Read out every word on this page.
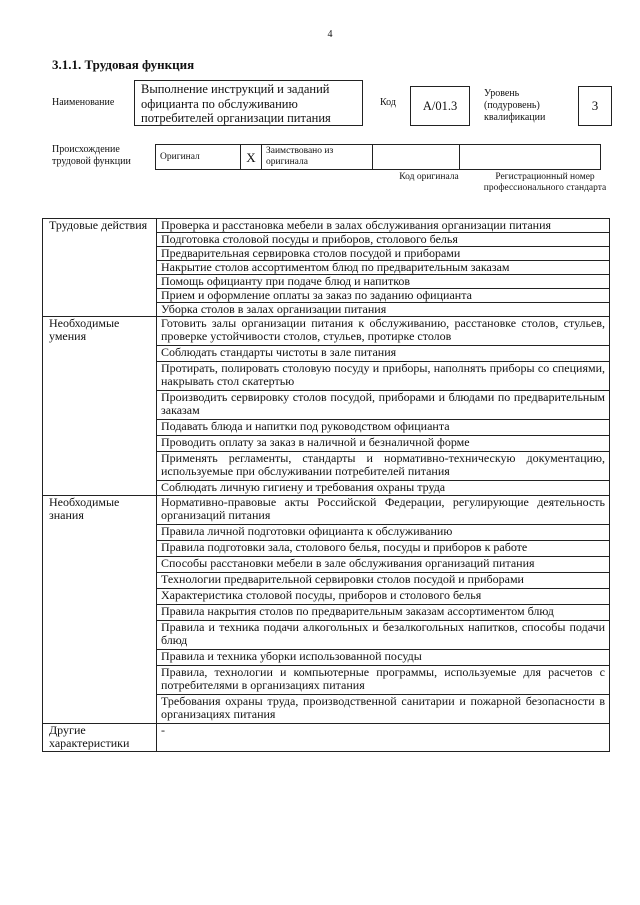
4
3.1.1. Трудовая функция
Наименование
Выполнение инструкций и заданий официанта по обслуживанию потребителей организации питания
Код	A/01.3
Уровень (подуровень) квалификации
3
Происхождение трудовой функции	Оригинал	X	Заимствовано из оригинала		
Код оригинала	Регистрационный номер профессионального стандарта
Трудовые действия	Проверка и расстановка мебели в залах обслуживания организации питания
	Подготовка столовой посуды и приборов, столового белья
	Предварительная сервировка столов посудой и приборами
	Накрытие столов ассортиментом блюд по предварительным заказам
	Помощь официанту при подаче блюд и напитков
	Прием и оформление оплаты за заказ по заданию официанта
	Уборка столов в залах организации питания
Необходимые умения	Готовить залы организации питания к обслуживанию, расстановке столов, стульев, проверке устойчивости столов, стульев, протирке столов
	Соблюдать стандарты чистоты в зале питания
	Протирать, полировать столовую посуду и приборы, наполнять приборы со специями, накрывать стол скатертью
	Производить сервировку столов посудой, приборами и блюдами по предварительным заказам
	Подавать блюда и напитки под руководством официанта
	Проводить оплату за заказ в наличной и безналичной форме
	Применять регламенты, стандарты и нормативно-техническую документацию, используемые при обслуживании потребителей питания
	Соблюдать личную гигиену и требования охраны труда
Необходимые знания	Нормативно-правовые акты Российской Федерации, регулирующие деятельность организаций питания
	Правила личной подготовки официанта к обслуживанию
	Правила подготовки зала, столового белья, посуды и приборов к работе
	Способы расстановки мебели в зале обслуживания организаций питания
	Технологии предварительной сервировки столов посудой и приборами
	Характеристика столовой посуды, приборов и столового белья
	Правила накрытия столов по предварительным заказам ассортиментом блюд
	Правила и техника подачи алкогольных и безалкогольных напитков, способы подачи блюд
	Правила и техника уборки использованной посуды
	Правила, технологии и компьютерные программы, используемые для расчетов с потребителями в организациях питания
	Требования охраны труда, производственной санитарии и пожарной безопасности в организациях питания
Другие характеристики	-
